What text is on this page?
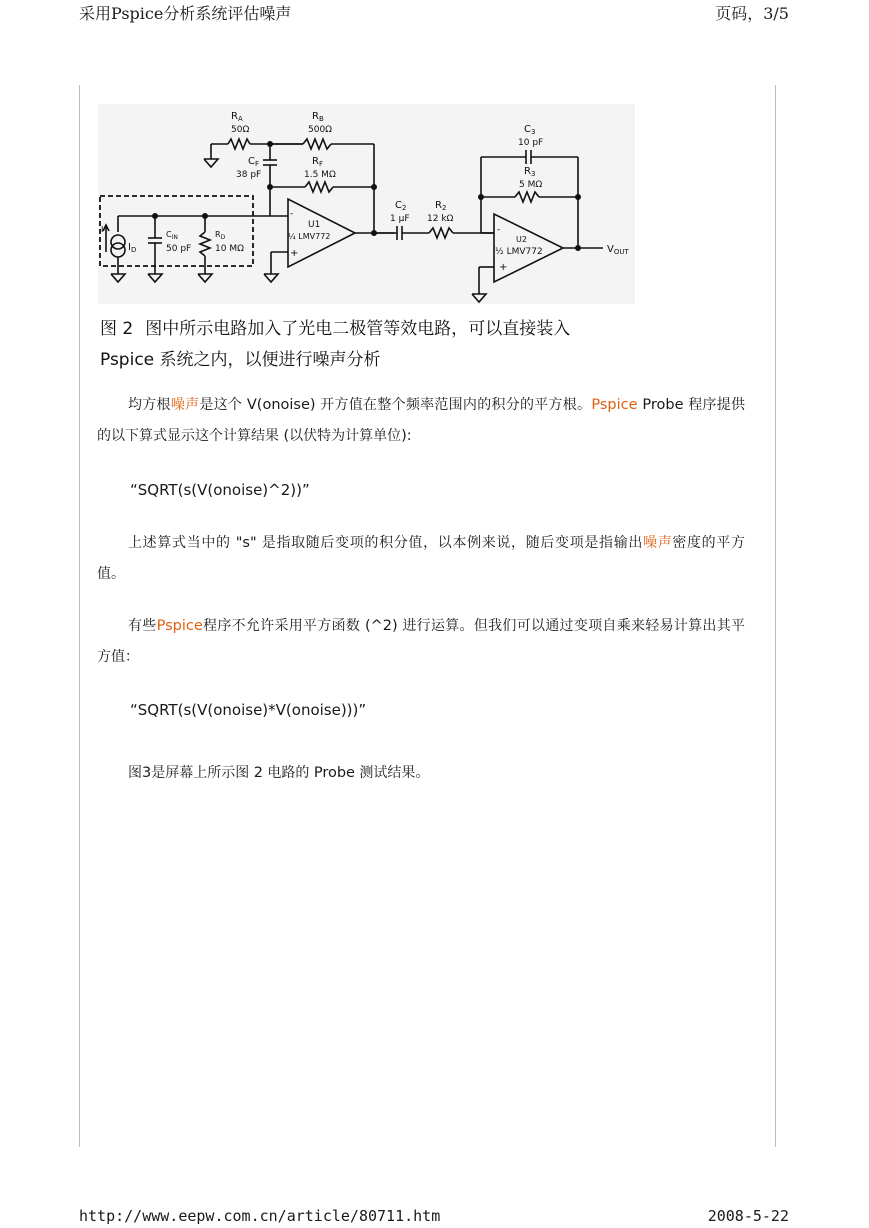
采用Pspice分析系统评估噪声	页码，3/5
$R_A$
50Ω
$R_B$
500Ω
$C_F$
38 pF
$R_F$
1.5 MΩ
-
+
U1
¼ LMV772
$I_D$
I
$C_{IN}$
50 pF
$R_D$
10 MΩ
$C_2$
1 µF
$R_2$
12 kΩ
$C_3$
10 pF
$R_3$
5 MΩ
-
+
U2
½ LMV772	$V_{OUT}$
图 2 图中所示电路加入了光电二极管等效电路，可以直接装入
Pspice 系统之内，以便进行噪声分析

均方根噪声是这个 V(onoise) 开方值在整个频率范围内的积分的平方根。Pspice Probe 程序提供的以下算式显示这个计算结果 (以伏特为计算单位):

“SQRT(s(V(onoise)^2))”

上述算式当中的 "s" 是指取随后变项的积分值，以本例来说，随后变项是指输出噪声密度的平方值。

有些Pspice程序不允许采用平方函数 (^2) 进行运算。但我们可以通过变项自乘来轻易计算出其平方值：

“SQRT(s(V(onoise)*V(onoise)))”

图3是屏幕上所示图 2 电路的 Probe 测试结果。

http://www.eepw.com.cn/article/80711.htm	2008-5-22
